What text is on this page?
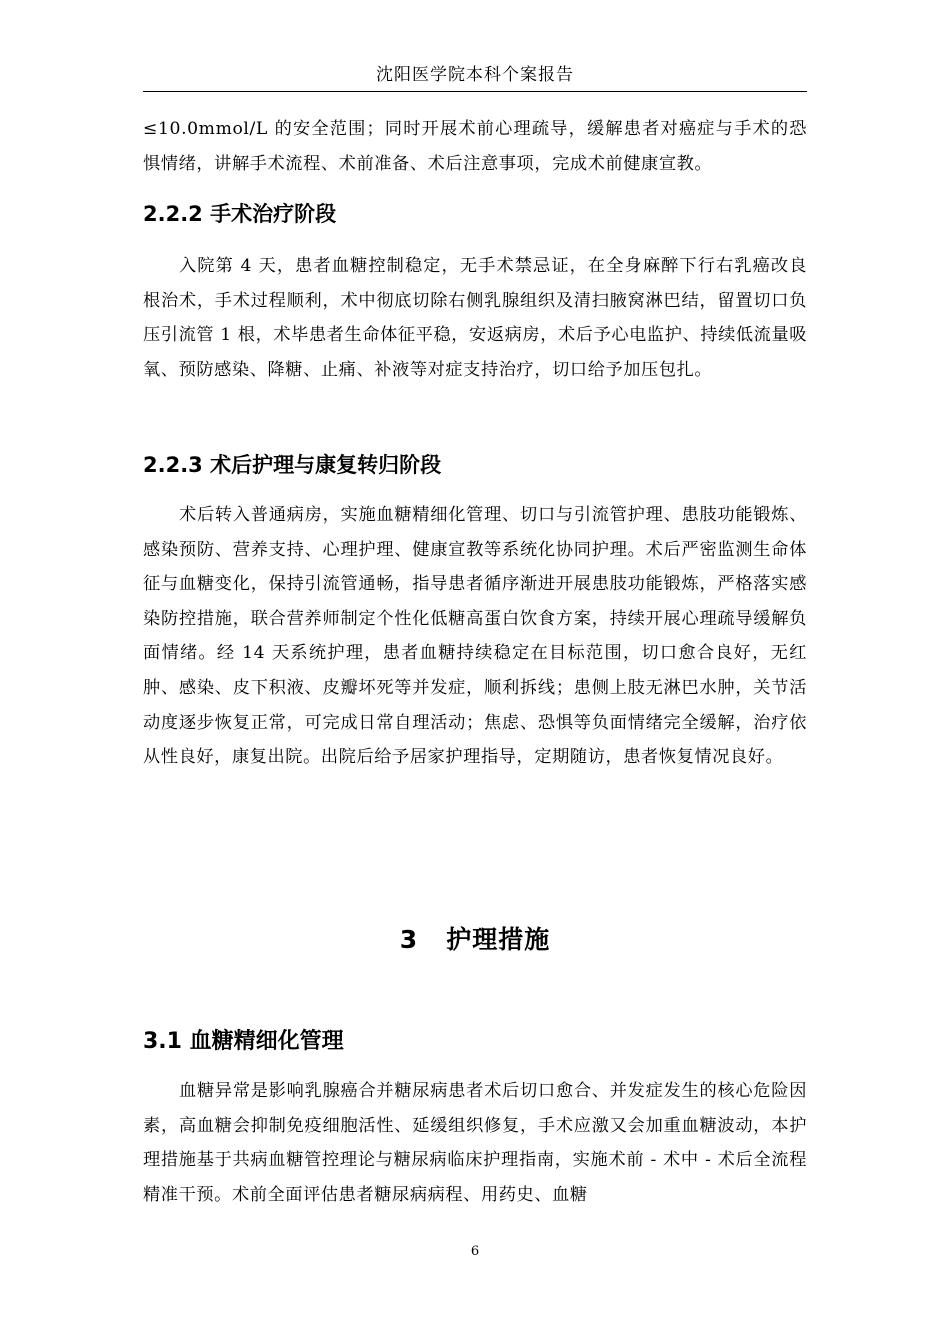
沈阳医学院本科个案报告

≤10.0mmol/L 的安全范围；同时开展术前心理疏导，缓解患者对癌症与手术的恐惧情绪，讲解手术流程、术前准备、术后注意事项，完成术前健康宣教。

2.2.2 手术治疗阶段

入院第 4 天，患者血糖控制稳定，无手术禁忌证，在全身麻醉下行右乳癌改良根治术，手术过程顺利，术中彻底切除右侧乳腺组织及清扫腋窝淋巴结，留置切口负压引流管 1 根，术毕患者生命体征平稳，安返病房，术后予心电监护、持续低流量吸氧、预防感染、降糖、止痛、补液等对症支持治疗，切口给予加压包扎。

2.2.3 术后护理与康复转归阶段

术后转入普通病房，实施血糖精细化管理、切口与引流管护理、患肢功能锻炼、感染预防、营养支持、心理护理、健康宣教等系统化协同护理。术后严密监测生命体征与血糖变化，保持引流管通畅，指导患者循序渐进开展患肢功能锻炼，严格落实感染防控措施，联合营养师制定个性化低糖高蛋白饮食方案，持续开展心理疏导缓解负面情绪。经 14 天系统护理，患者血糖持续稳定在目标范围，切口愈合良好，无红肿、感染、皮下积液、皮瓣坏死等并发症，顺利拆线；患侧上肢无淋巴水肿，关节活动度逐步恢复正常，可完成日常自理活动；焦虑、恐惧等负面情绪完全缓解，治疗依从性良好，康复出院。出院后给予居家护理指导，定期随访，患者恢复情况良好。

3 护理措施
3.1 血糖精细化管理

血糖异常是影响乳腺癌合并糖尿病患者术后切口愈合、并发症发生的核心危险因素，高血糖会抑制免疫细胞活性、延缓组织修复，手术应激又会加重血糖波动，本护理措施基于共病血糖管控理论与糖尿病临床护理指南，实施术前 - 术中 - 术后全流程精准干预。术前全面评估患者糖尿病病程、用药史、血糖

6
